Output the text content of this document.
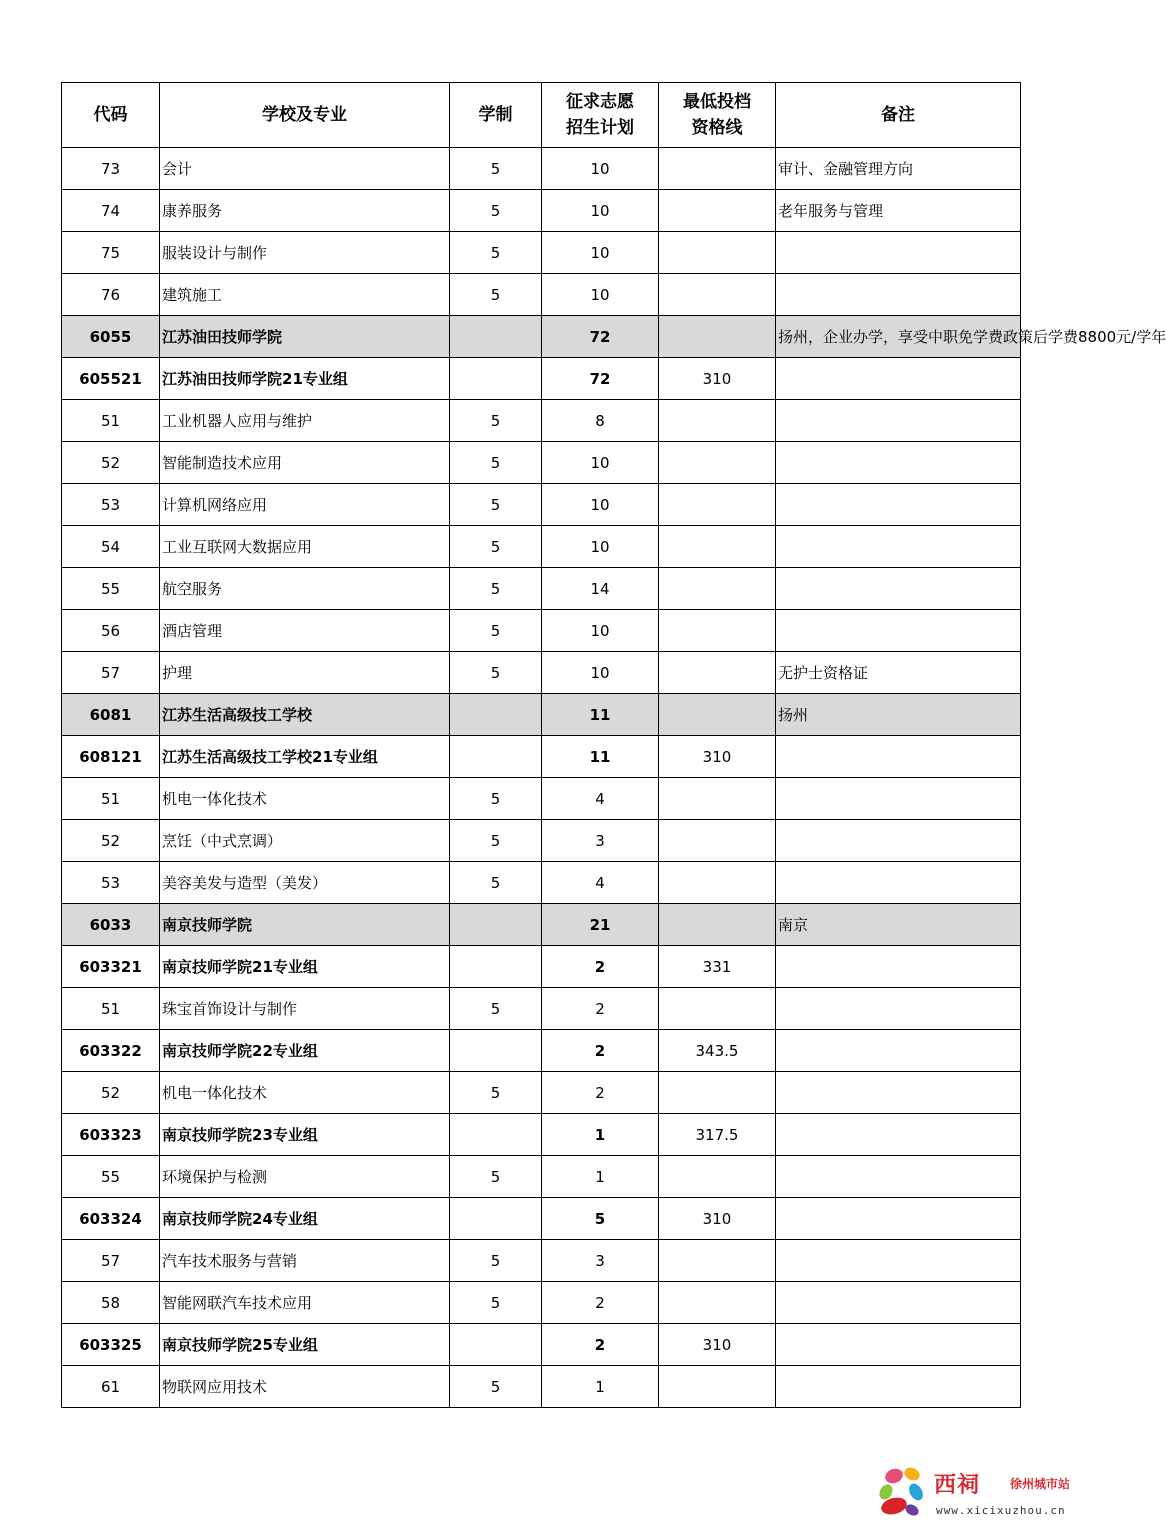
代码	学校及专业	学制	征求志愿招生计划	最低投档资格线	备注
73	会计	5	10		审计、金融管理方向
74	康养服务	5	10		老年服务与管理
75	服装设计与制作	5	10		
76	建筑施工	5	10		
6055	江苏油田技师学院		72		扬州，企业办学，享受中职免学费政策后学费8800元/学年
605521	江苏油田技师学院21专业组		72	310	
51	工业机器人应用与维护	5	8		
52	智能制造技术应用	5	10		
53	计算机网络应用	5	10		
54	工业互联网大数据应用	5	10		
55	航空服务	5	14		
56	酒店管理	5	10		
57	护理	5	10		无护士资格证
6081	江苏生活高级技工学校		11		扬州
608121	江苏生活高级技工学校21专业组		11	310	
51	机电一体化技术	5	4		
52	烹饪（中式烹调）	5	3		
53	美容美发与造型（美发）	5	4		
6033	南京技师学院		21		南京
603321	南京技师学院21专业组		2	331	
51	珠宝首饰设计与制作	5	2		
603322	南京技师学院22专业组		2	343.5	
52	机电一体化技术	5	2		
603323	南京技师学院23专业组		1	317.5	
55	环境保护与检测	5	1		
603324	南京技师学院24专业组		5	310	
57	汽车技术服务与营销	5	3		
58	智能网联汽车技术应用	5	2		
603325	南京技师学院25专业组		2	310	
61	物联网应用技术	5	1		
西祠 徐州城市站
www.xicixuzhou.cn
